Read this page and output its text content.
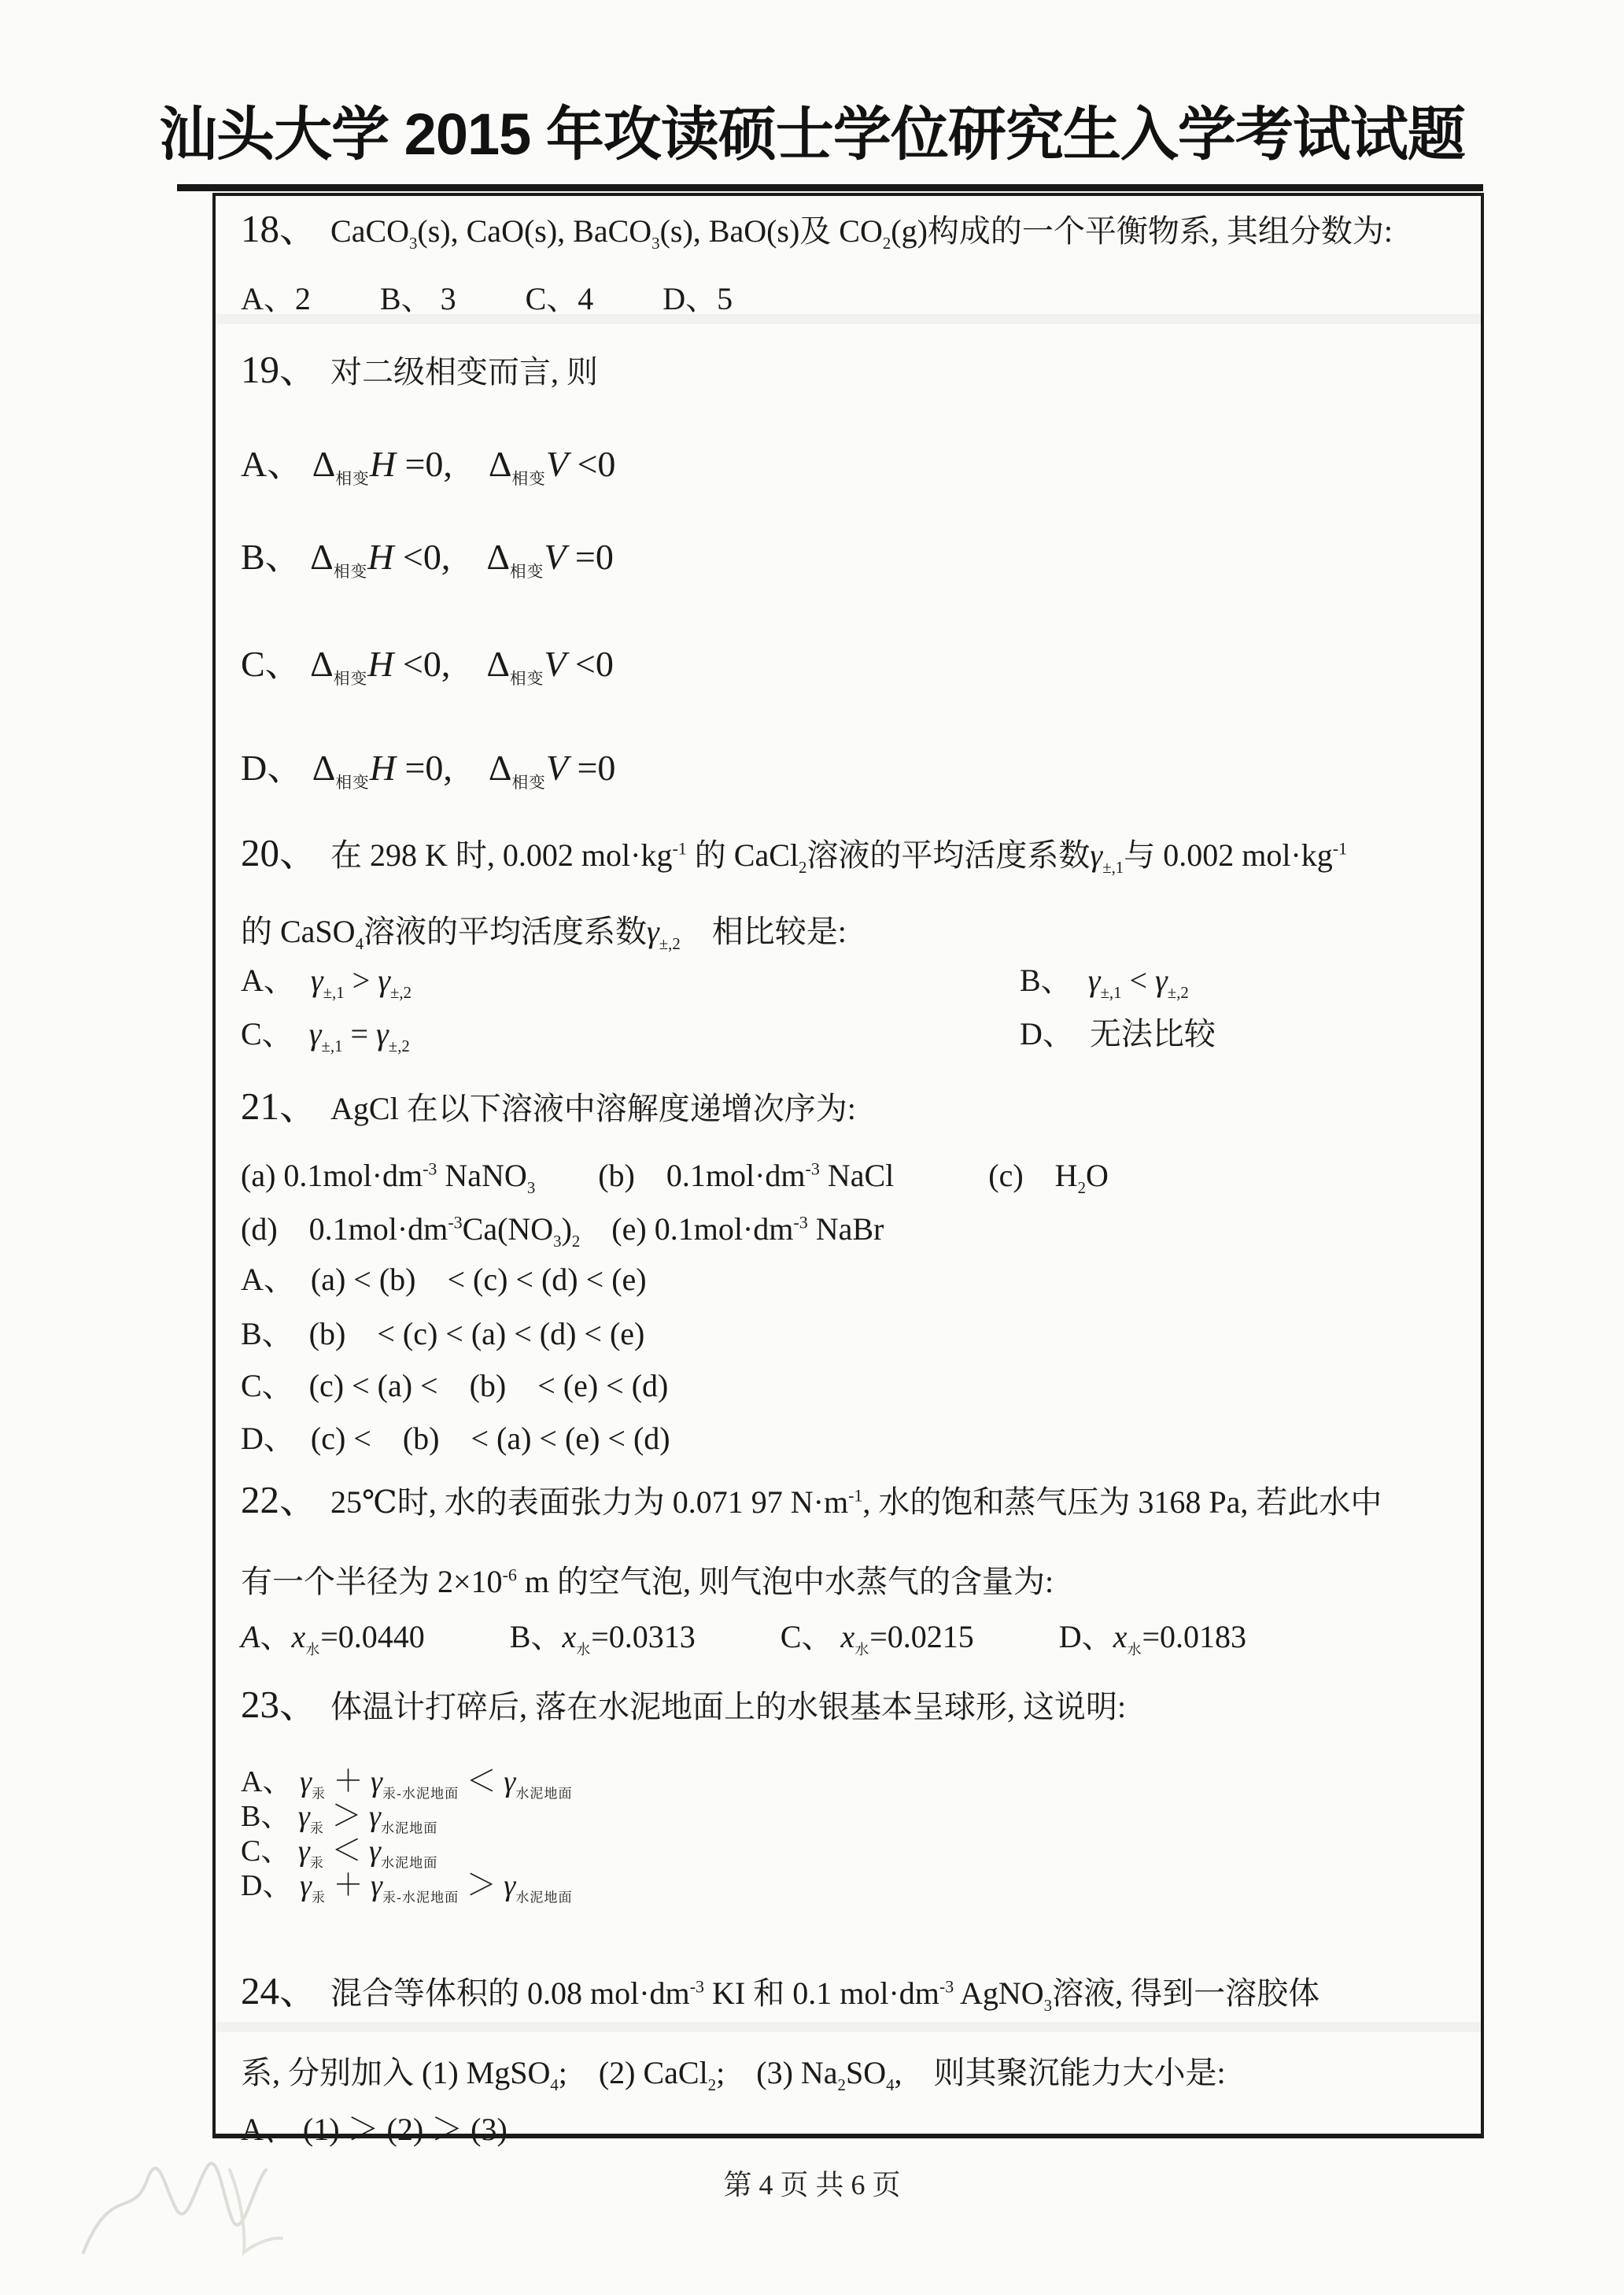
汕头大学 2015 年攻读硕士学位研究生入学考试试题
18、 CaCO$_3$(s), CaO(s), BaCO$_3$(s), BaO(s)及 $CO_2(g)$构成的一个平衡物系, 其组分数为:
A、2 B、 3 C、4 D、5
19、 对二级相变而言, 则
A、 $\Delta_{相变}H =0$,　$\Delta_{相变}V <0$
B、 $\Delta_{相变}H <0$,　$\Delta_{相变}V =0$
C、 $\Delta_{相变}H <0$,　$\Delta_{相变}V <0$
D、 $\Delta_{相变}H =0$,　$\Delta_{相变}V =0$
20、 在 298 K 时, 0.002 $mol\cdot kg^{-1}$ 的 CaCl$_2$溶液的平均活度系数$\gamma_{\pm,1}$与 0.002 $mol\cdot kg^{-1}$
的 CaSO$_4$溶液的平均活度系数$\gamma_{\pm,2}$　相比较是:
A、　$\gamma_{\pm,1} > \gamma_{\pm,2}$	B、　$\gamma_{\pm,1} < \gamma_{\pm,2}$
C、　$\gamma_{\pm,1} = \gamma_{\pm,2}$	D、　无法比较
21、 AgCl 在以下溶液中溶解度递增次序为:
(a) $0.1mol\cdot dm^{-3}$ NaNO$_3$　　(b)　$0.1mol\cdot dm^{-3}$ NaCl　　　(c)　$H_2O$
(d)　$0.1mol\cdot dm^{-3}Ca(NO_3)_2$　(e) $0.1mol\cdot dm^{-3}$ NaBr
A、　(a) < (b)　< (c) < (d) < (e)
B、　(b)　< (c) < (a) < (d) < (e)
C、　(c) < (a) <　(b)　< (e) < (d)
D、　(c) <　(b)　< (a) < (e) < (d)
22、 25℃时, 水的表面张力为 0.071 97 $N\cdot m^{-1}$, 水的饱和蒸气压为 3168 Pa, 若此水中
有一个半径为 $2\times 10^{-6}$ m 的空气泡, 则气泡中水蒸气的含量为:
A、$x_水=0.0440$	B、$x_水=0.0313$	C、 $x_水=0.0215$	D、$x_水=0.0183$
23、 体温计打碎后, 落在水泥地面上的水银基本呈球形, 这说明:
A、 $\gamma_汞 + \gamma_{汞-水泥地面} < \gamma_{水泥地面}$
B、 $\gamma_汞 > \gamma_{水泥地面}$
C、 $\gamma_汞 < \gamma_{水泥地面}$
D、 $\gamma_汞 + \gamma_{汞-水泥地面} > \gamma_{水泥地面}$
24、 混合等体积的 0.08 $mol\cdot dm^{-3}$ KI 和 0.1 $mol\cdot dm^{-3}$ AgNO$_3$溶液, 得到一溶胶体
系, 分别加入 (1) MgSO$_4$;　(2) CaCl$_2$;　(3) $Na_2SO_4$,　则其聚沉能力大小是:
A、 (1) ＞ (2) ＞ (3)
第 4 页 共 6 页
